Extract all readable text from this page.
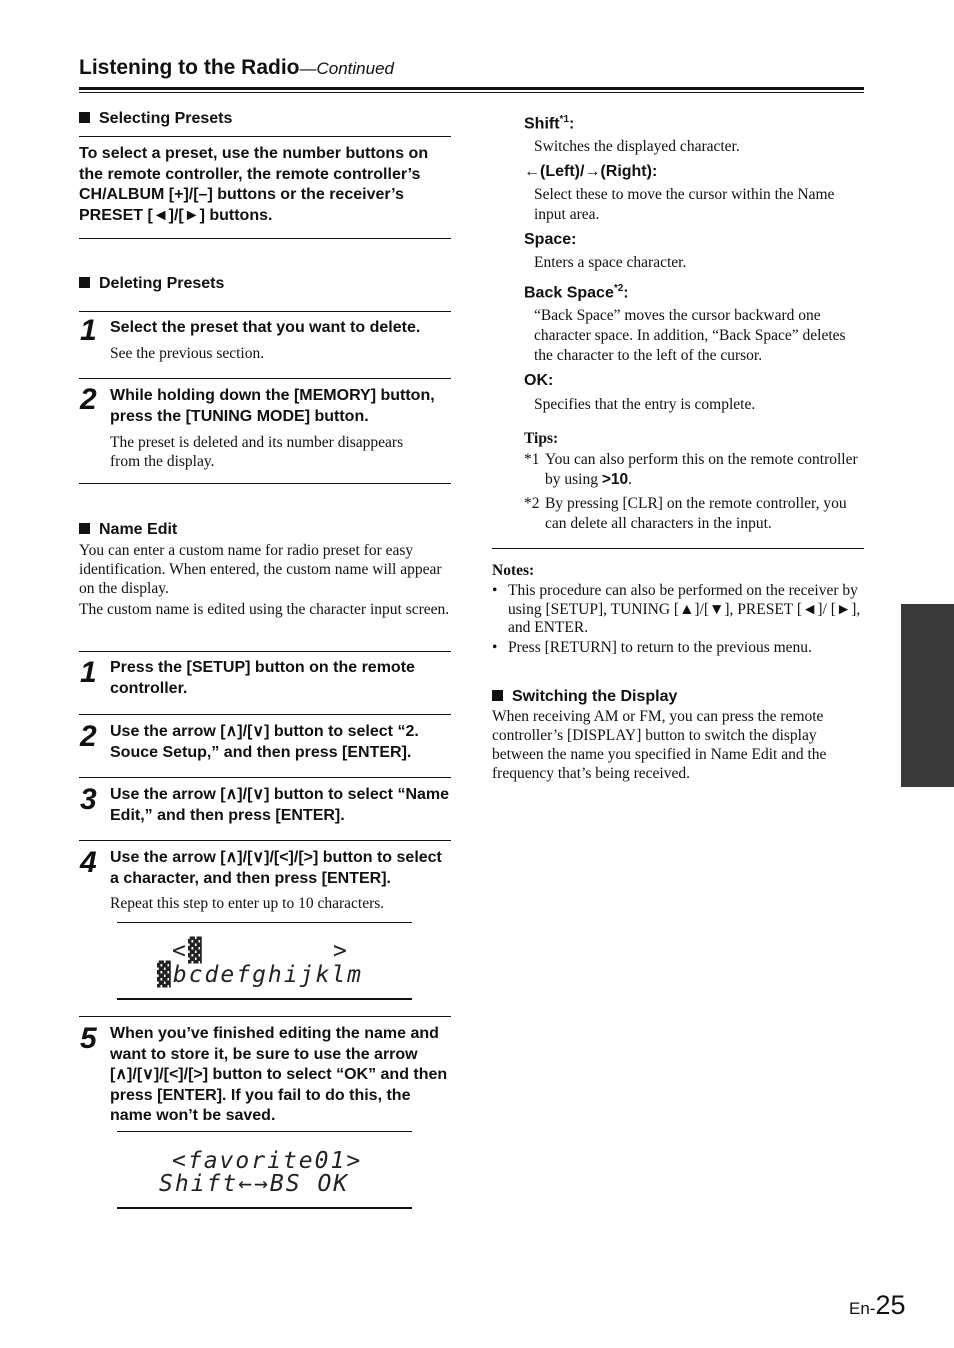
Listening to the Radio—Continued
Selecting Presets
To select a preset, use the number buttons on the remote controller, the remote controller’s CH/ALBUM [+]/[–] buttons or the receiver’s PRESET [◄]/[►] buttons.
Deleting Presets
1 Select the preset that you want to delete.
See the previous section.
2 While holding down the [MEMORY] button, press the [TUNING MODE] button.
The preset is deleted and its number disappears from the display.
Name Edit
You can enter a custom name for radio preset for easy identification. When entered, the custom name will appear on the display.
The custom name is edited using the character input screen.
1 Press the [SETUP] button on the remote controller.
2 Use the arrow [∧]/[∨] button to select “2. Souce Setup,” and then press [ENTER].
3 Use the arrow [∧]/[∨] button to select “Name Edit,” and then press [ENTER].
4 Use the arrow [∧]/[∨]/[<]/[>] button to select a character, and then press [ENTER].
Repeat this step to enter up to 10 characters.
< ▓	>
▓bcdefghijklm
5 When you’ve finished editing the name and want to store it, be sure to use the arrow [∧]/[∨]/[<]/[>] button to select “OK” and then press [ENTER]. If you fail to do this, the name won’t be saved.
<favorite01>
Shift←→BS OK
Shift$^{*1}$:
Switches the displayed character.
←(Left)/→(Right):
Select these to move the cursor within the Name input area.
Space:
Enters a space character.
Back Space$^{*2}$:
“Back Space” moves the cursor backward one character space. In addition, “Back Space” deletes the character to the left of the cursor.
OK:
Specifies that the entry is complete.
Tips:
*1 You can also perform this on the remote controller by using >10.
*2 By pressing [CLR] on the remote controller, you can delete all characters in the input.
Notes:
• This procedure can also be performed on the receiver by using [SETUP], TUNING [▲]/[▼], PRESET [◄]/ [►], and ENTER.
• Press [RETURN] to return to the previous menu.
Switching the Display
When receiving AM or FM, you can press the remote controller’s [DISPLAY] button to switch the display between the name you specified in Name Edit and the frequency that’s being received.
En-25
